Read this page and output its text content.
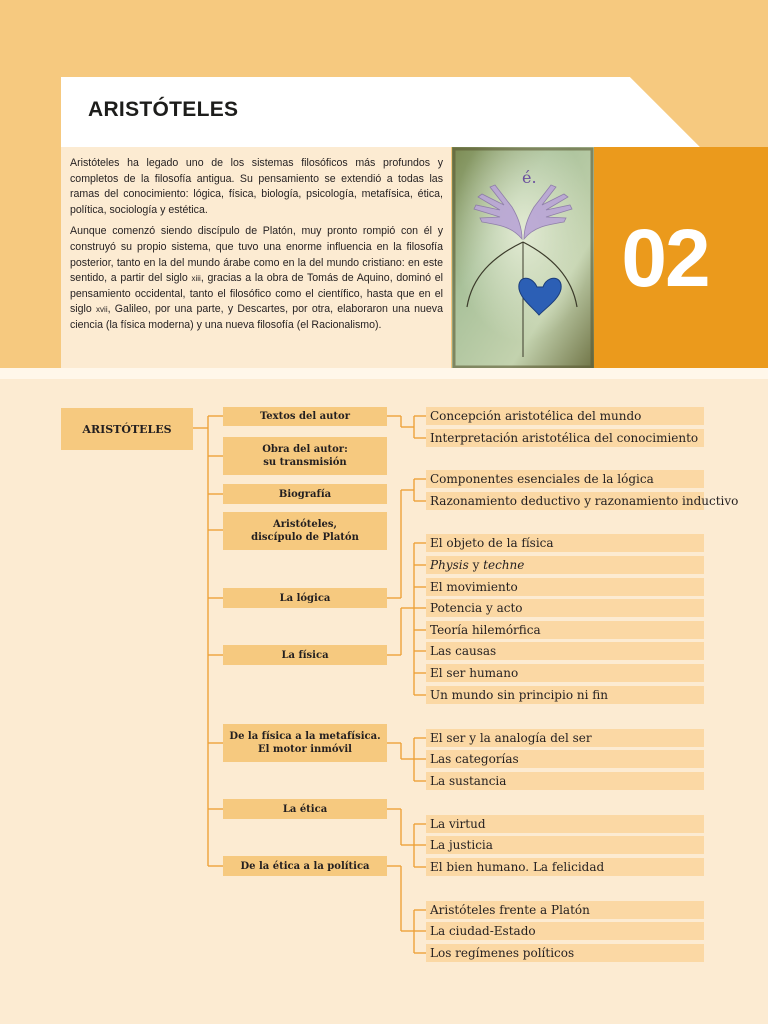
ARISTÓTELES

Aristóteles ha legado uno de los sistemas filosóficos más profundos y completos de la filosofía antigua. Su pensamiento se extendió a todas las ramas del conocimiento: lógica, física, biología, psicología, metafísica, ética, política, sociología y estética.

Aunque comenzó siendo discípulo de Platón, muy pronto rompió con él y construyó su propio sistema, que tuvo una enorme influencia en la filosofía posterior, tanto en la del mundo árabe como en la del mundo cristiano: en este sentido, a partir del siglo xiii, gracias a la obra de Tomás de Aquino, dominó el pensamiento occidental, tanto el filosófico como el científico, hasta que en el siglo xvii, Galileo, por una parte, y Descartes, por otra, elaboraron una nueva ciencia (la física moderna) y una nueva filosofía (el Racionalismo).

é.
02
ARISTÓTELES
Textos del autor
Obra del autor:
su transmisión
Biografía
Aristóteles,
discípulo de Platón
La lógica
La física
De la física a la metafísica.
El motor inmóvil
La ética
De la ética a la política
Concepción aristotélica del mundo
Interpretación aristotélica del conocimiento
Componentes esenciales de la lógica
Razonamiento deductivo y razonamiento inductivo
El objeto de la física
Physis y techne
El movimiento
Potencia y acto
Teoría hilemórfica
Las causas
El ser humano
Un mundo sin principio ni fin
El ser y la analogía del ser
Las categorías
La sustancia
La virtud
La justicia
El bien humano. La felicidad
Aristóteles frente a Platón
La ciudad-Estado
Los regímenes políticos
